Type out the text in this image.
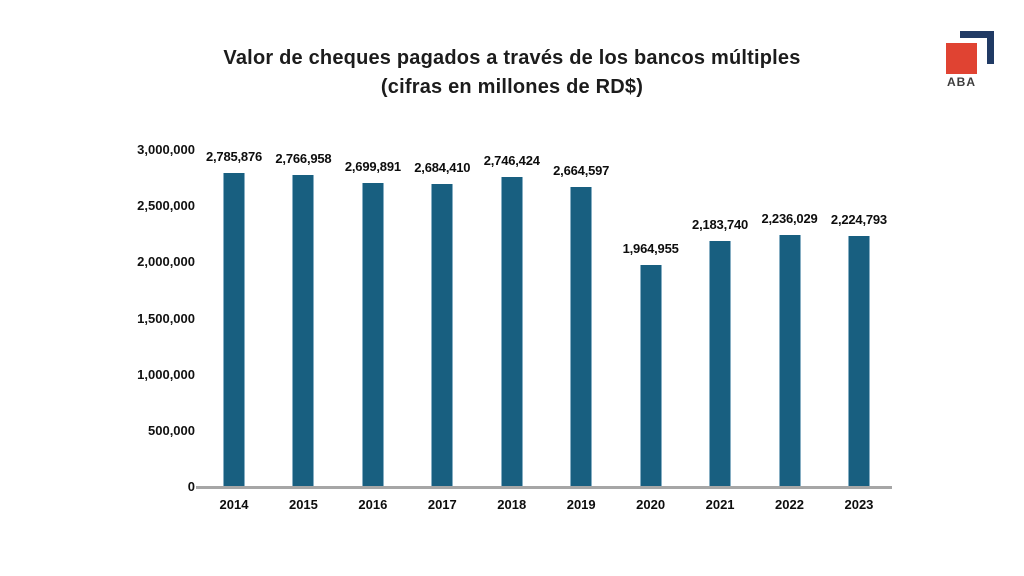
Valor de cheques pagados a través de los bancos múltiples
(cifras en millones de RD$)	ABA
0
500,000
1,000,000
1,500,000
2,000,000
2,500,000
3,000,000 2,785,876
2014
2,766,958
2015
2,699,891
2016
2,684,410
2017
2,746,424
2018
2,664,597
2019
1,964,955
2020
2,183,740
2021
2,236,029
2022
2,224,793
2023
